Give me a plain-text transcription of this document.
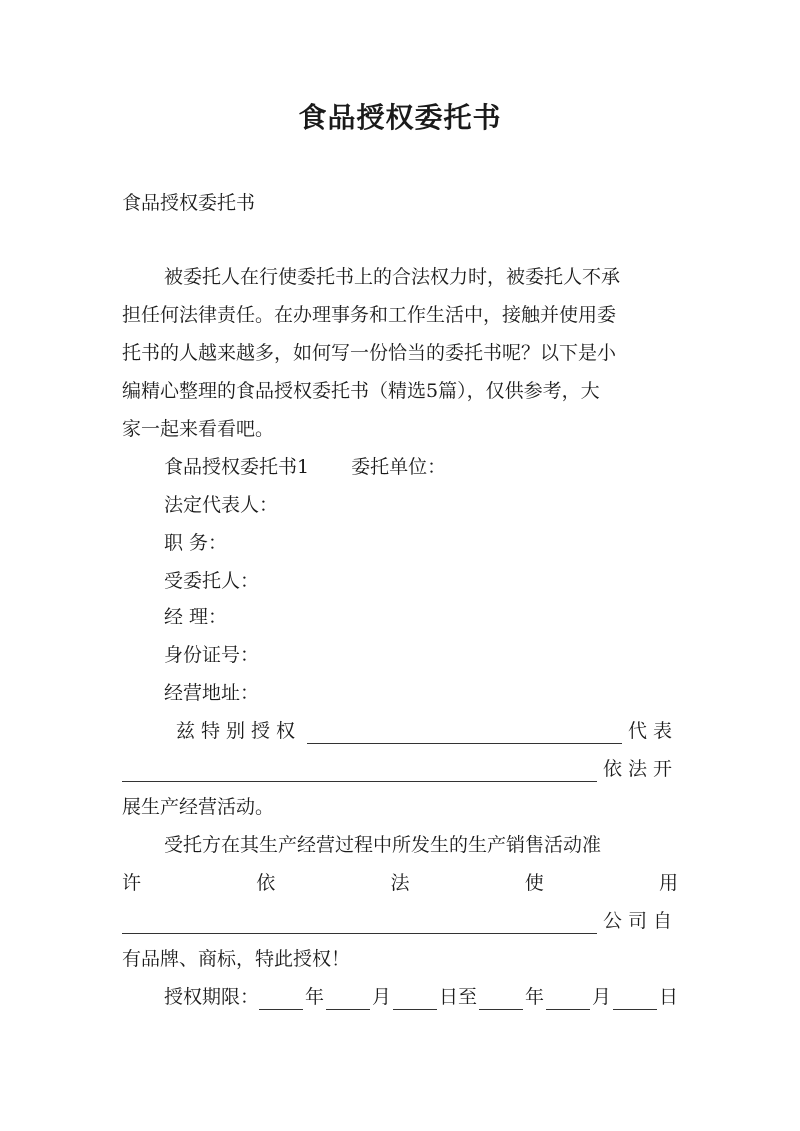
食品授权委托书
食品授权委托书
被委托人在行使委托书上的合法权力时，被委托人不承
担任何法律责任。在办理事务和工作生活中，接触并使用委
托书的人越来越多，如何写一份恰当的委托书呢？以下是小
编精心整理的食品授权委托书（精选5篇），仅供参考，大
家一起来看看吧。
食品授权委托书1 委托单位：
法定代表人：
职 务：
受委托人：
经 理：
身份证号：
经营地址：
兹特别授权	代表
依法开
展生产经营活动。
受托方在其生产经营过程中所发生的生产销售活动准
许	依	法	使	用
公司自
有品牌、商标，特此授权！
授权期限： 年	月	日至	年	月	日
